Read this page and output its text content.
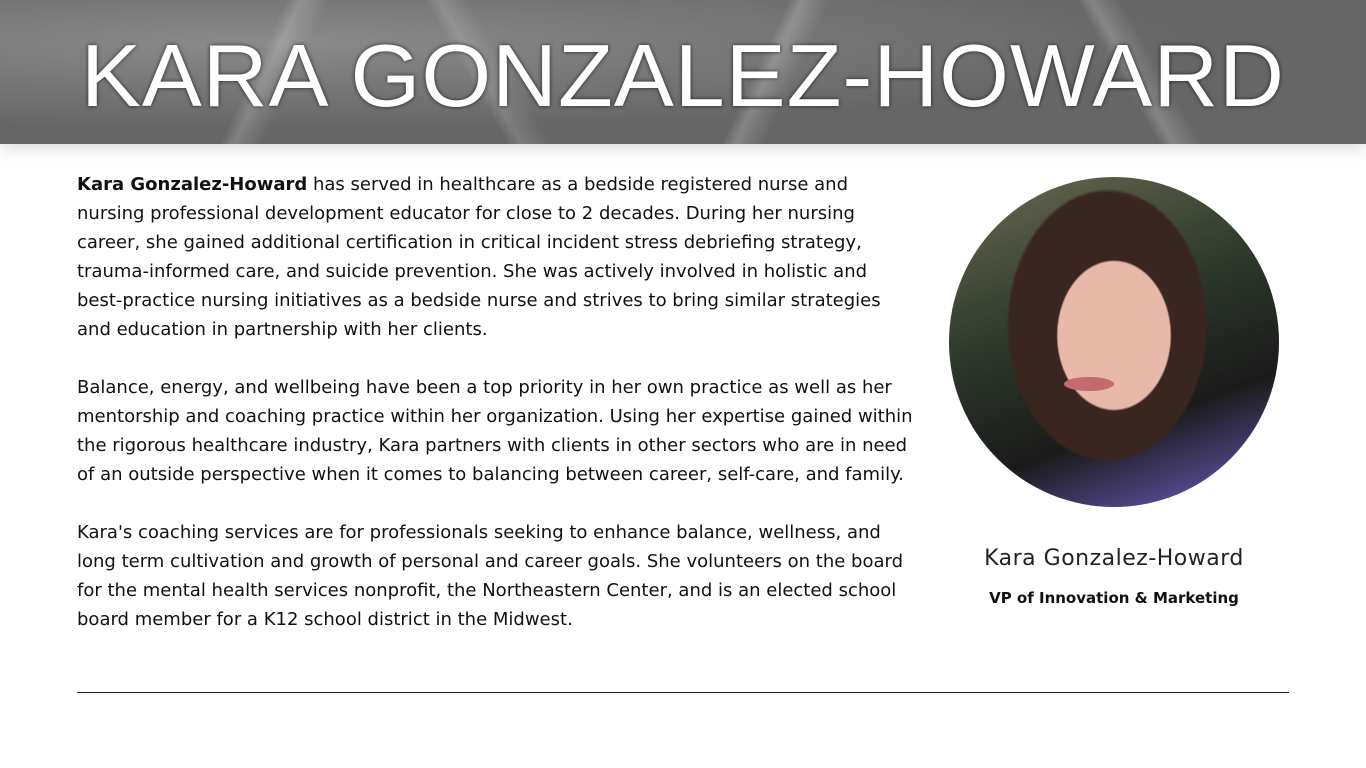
KARA GONZALEZ-HOWARD

Kara Gonzalez-Howard has served in healthcare as a bedside registered nurse and nursing professional development educator for close to 2 decades. During her nursing career, she gained additional certification in critical incident stress debriefing strategy, trauma-informed care, and suicide prevention. She was actively involved in holistic and best-practice nursing initiatives as a bedside nurse and strives to bring similar strategies and education in partnership with her clients.

Balance, energy, and wellbeing have been a top priority in her own practice as well as her mentorship and coaching practice within her organization. Using her expertise gained within the rigorous healthcare industry, Kara partners with clients in other sectors who are in need of an outside perspective when it comes to balancing between career, self-care, and family.

Kara's coaching services are for professionals seeking to enhance balance, wellness, and long term cultivation and growth of personal and career goals. She volunteers on the board for the mental health services nonprofit, the Northeastern Center, and is an elected school board member for a K12 school district in the Midwest.

Kara Gonzalez-Howard
VP of Innovation & Marketing
